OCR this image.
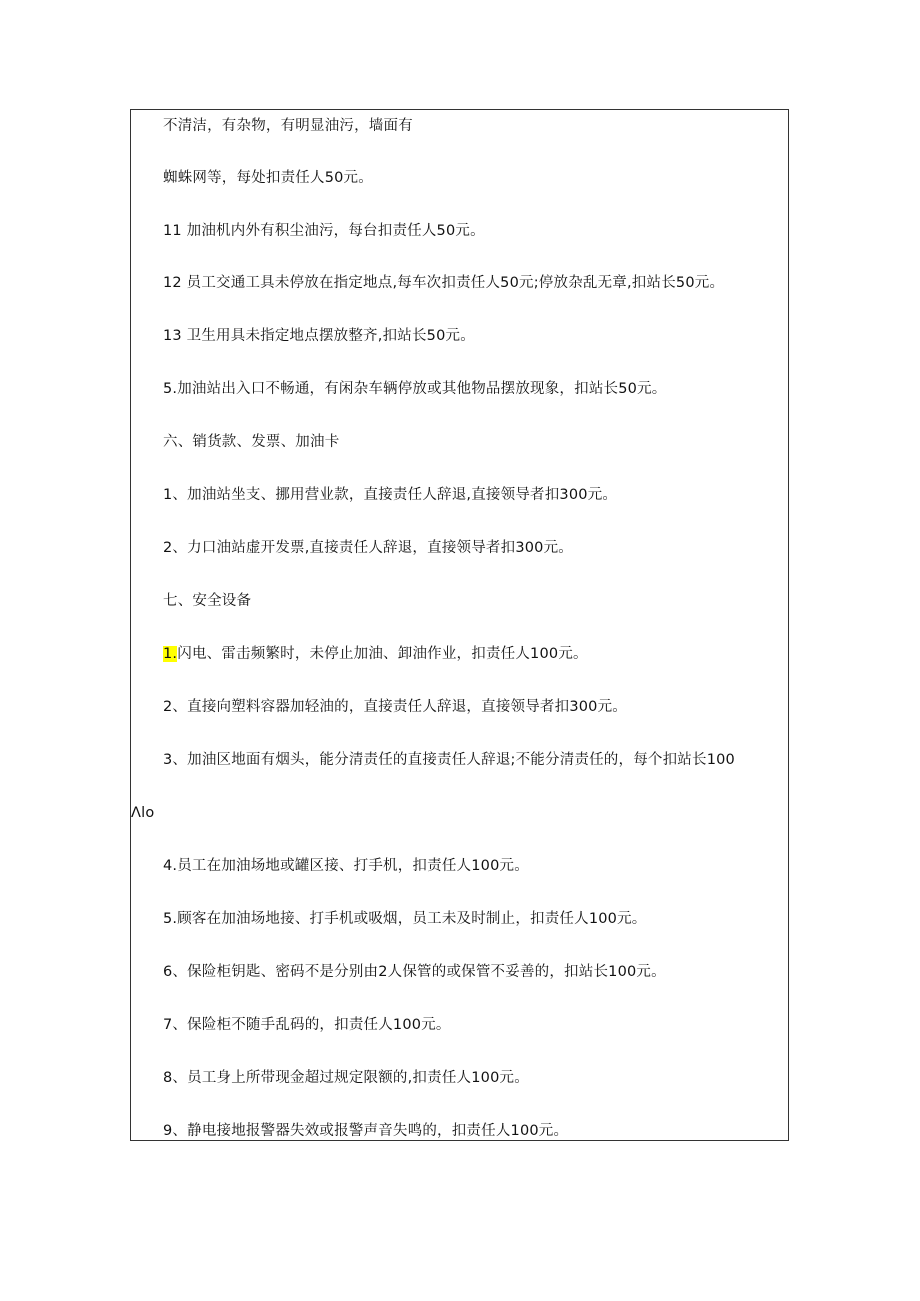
不清洁，有杂物，有明显油污，墙面有
蜘蛛网等，每处扣责任人50元。
11 加油机内外有积尘油污，每台扣责任人50元。
12 员工交通工具未停放在指定地点,每车次扣责任人50元;停放杂乱无章,扣站长50元。
13 卫生用具未指定地点摆放整齐,扣站长50元。
5.加油站出入口不畅通，有闲杂车辆停放或其他物品摆放现象，扣站长50元。
六、销货款、发票、加油卡
1、加油站坐支、挪用营业款，直接责任人辞退,直接领导者扣300元。
2、力口油站虚开发票,直接责任人辞退，直接领导者扣300元。
七、安全设备
1.闪电、雷击频繁时，未停止加油、卸油作业，扣责任人100元。
2、直接向塑料容器加轻油的，直接责任人辞退，直接领导者扣300元。
3、加油区地面有烟头，能分清责任的直接责任人辞退;不能分清责任的，每个扣站长100
Λlo
4.员工在加油场地或罐区接、打手机，扣责任人100元。
5.顾客在加油场地接、打手机或吸烟，员工未及时制止，扣责任人100元。
6、保险柜钥匙、密码不是分别由2人保管的或保管不妥善的，扣站长100元。
7、保险柜不随手乱码的，扣责任人100元。
8、员工身上所带现金超过规定限额的,扣责任人100元。
9、静电接地报警器失效或报警声音失鸣的，扣责任人100元。
